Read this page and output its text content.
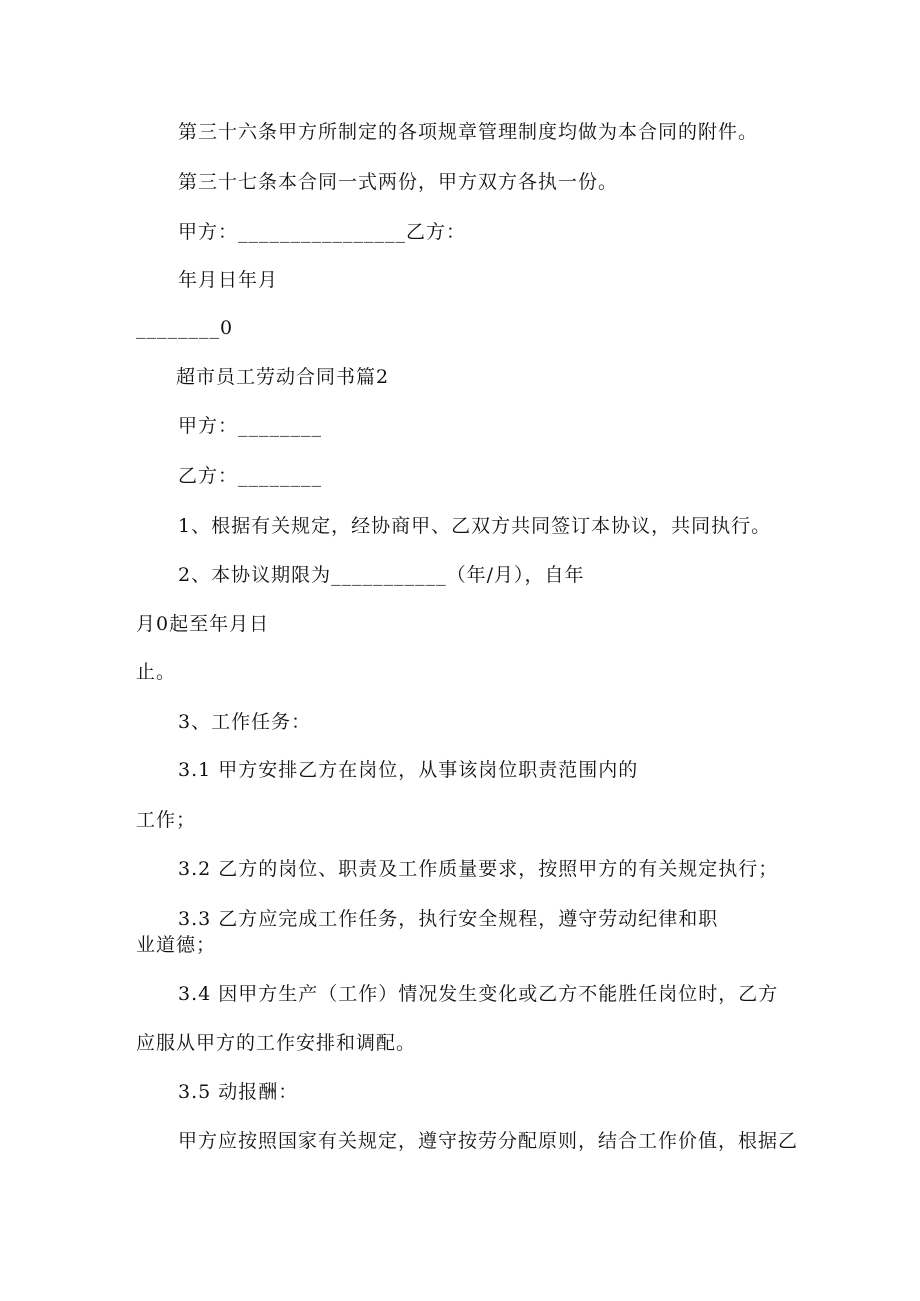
第三十六条甲方所制定的各项规章管理制度均做为本合同的附件。
第三十七条本合同一式两份，甲方双方各执一份。
甲方：________________乙方：
年月日年月
________0
超市员工劳动合同书篇2
甲方：________
乙方：________
1、根据有关规定，经协商甲、乙双方共同签订本协议，共同执行。
2、本协议期限为___________（年/月），自年
月0起至年月日
止。
3、工作任务：
3.1 甲方安排乙方在岗位，从事该岗位职责范围内的
工作；
3.2 乙方的岗位、职责及工作质量要求，按照甲方的有关规定执行；
3.3 乙方应完成工作任务，执行安全规程，遵守劳动纪律和职
业道德；
3.4 因甲方生产（工作）情况发生变化或乙方不能胜任岗位时，乙方
应服从甲方的工作安排和调配。
3.5 动报酬：
甲方应按照国家有关规定，遵守按劳分配原则，结合工作价值，根据乙
